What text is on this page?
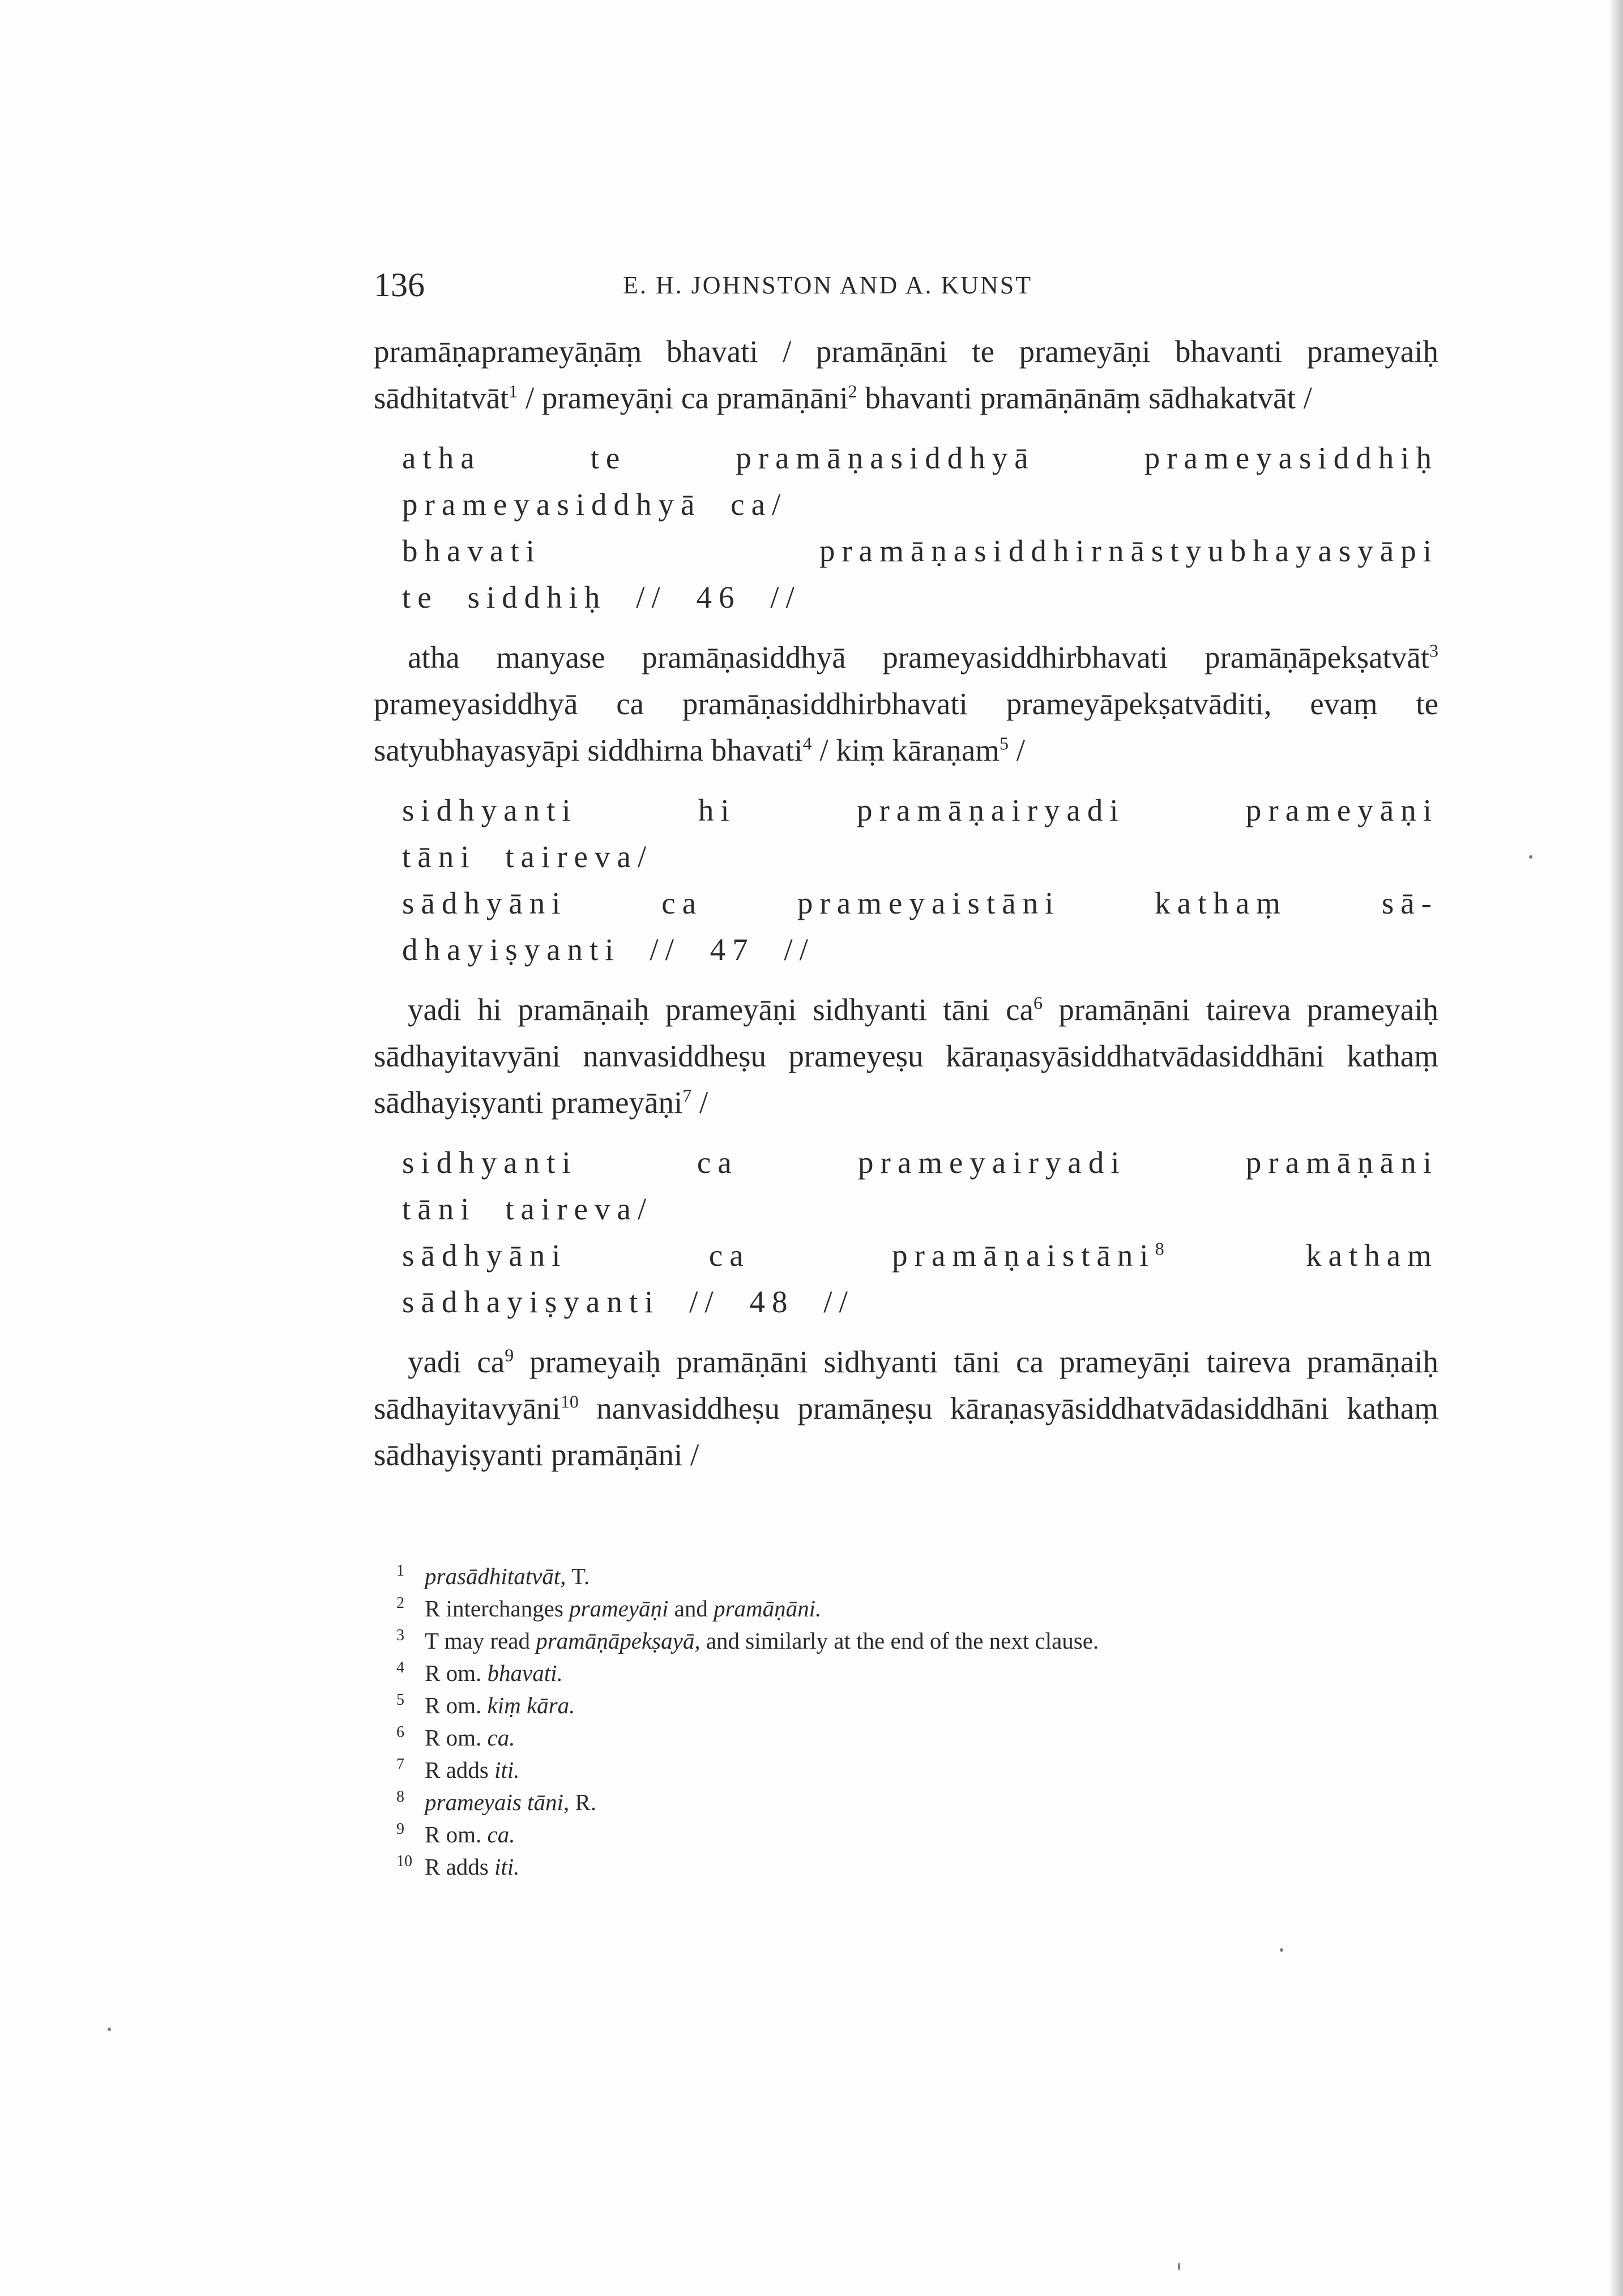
136	E. H. JOHNSTON AND A. KUNST

pramāṇaprameyāṇāṃ bhavati / pramāṇāni te prameyāṇi bhavanti prameyaiḥ sādhitatvāt$^1$ / prameyāṇi ca pramāṇāni$^2$ bhavanti pramāṇānāṃ sādhakatvāt /

atha te pramāṇasiddhyā prameyasiddhiḥ
prameyasiddhyā ca/
bhavati pramāṇasiddhirnāstyubhayasyāpi
te siddhiḥ // 46 //

atha manyase pramāṇasiddhyā prameyasiddhirbhavati pramāṇāpekṣatvāt$^3$ prameyasiddhyā ca pramāṇasiddhirbhavati prameyāpekṣatvāditi, evaṃ te satyubhayasyāpi siddhirna bhavati$^4$ / kiṃ kāraṇam$^5$ /

sidhyanti hi pramāṇairyadi prameyāṇi
tāni taireva/
sādhyāni ca prameyaistāni kathaṃ sā-
dhayiṣyanti // 47 //

yadi hi pramāṇaiḥ prameyāṇi sidhyanti tāni $ca^6$ pramāṇāni taireva prameyaiḥ sādhayitavyāni nanvasiddheṣu prameyeṣu kāraṇasyāsiddhatvādasiddhāni kathaṃ sādhayiṣyanti prameyāṇi$^7$ /

sidhyanti ca prameyairyadi pramāṇāni
tāni taireva/
sādhyāni ca pramāṇaistāni$^8$ katham
sādhayiṣyanti // 48 //

yadi $ca^9$ prameyaiḥ pramāṇāni sidhyanti tāni ca prameyāṇi taireva pramāṇaiḥ sādhayitavyāni$^{10}$ nanvasiddheṣu pramāṇeṣu kāraṇasyāsiddhatvādasiddhāni kathaṃ sādhayiṣyanti pramāṇāni /

1 prasādhitatvāt, T.
2 R interchanges prameyāṇi and pramāṇāni.
3 T may read pramāṇāpekṣayā, and similarly at the end of the next clause.
4 R om. bhavati.
5 R om. kiṃ kāra.
6 R om. ca.
7 R adds iti.
8 prameyais tāni, R.
9 R om. ca.
10 R adds iti.
